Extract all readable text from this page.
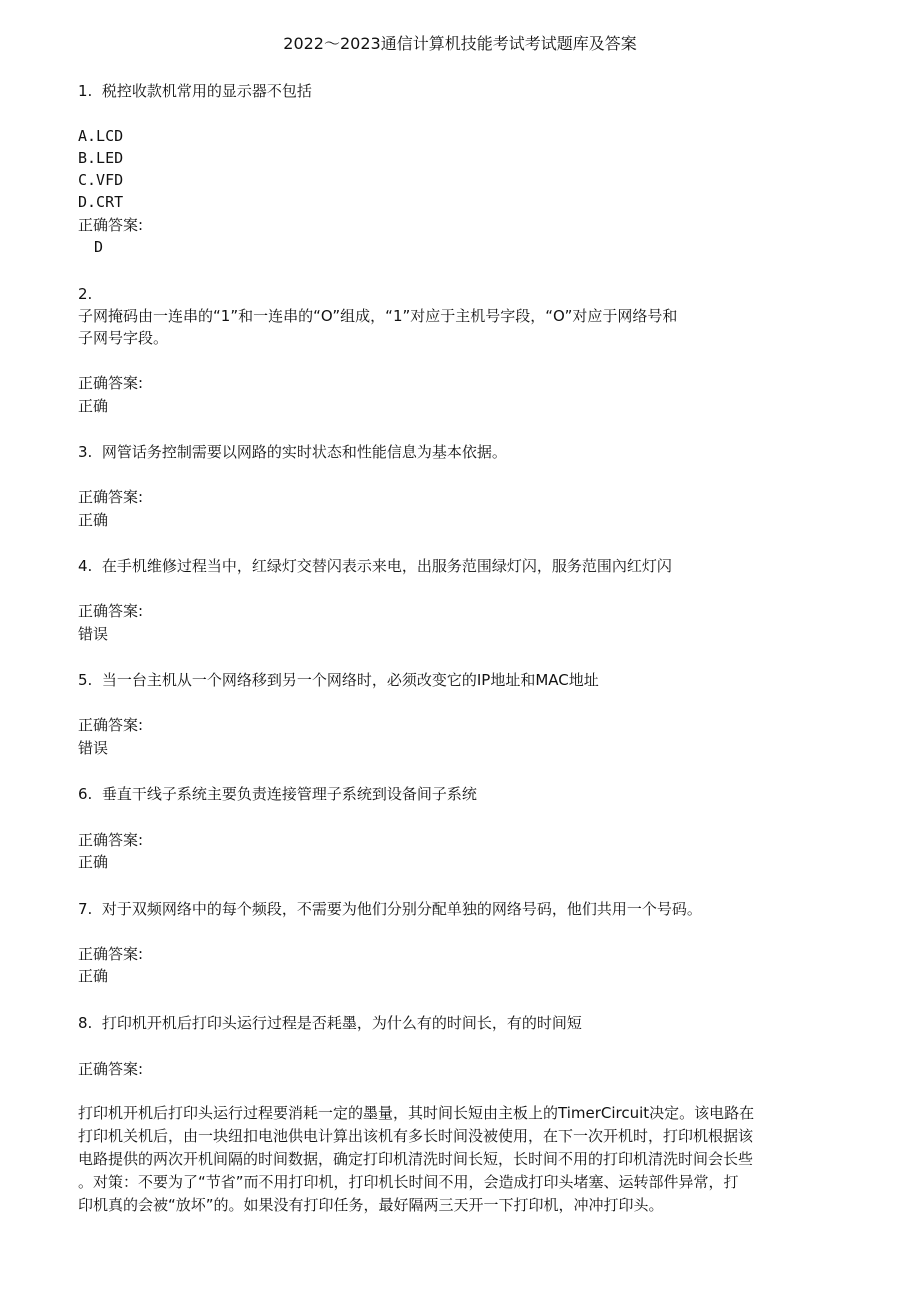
2022～2023通信计算机技能考试考试题库及答案
1. 税控收款机常用的显示器不包括
A.LCD
B.LED
C.VFD
D.CRT
正确答案:
D
2.
子网掩码由一连串的“1”和一连串的“O”组成，“1”对应于主机号字段，“O”对应于网络号和
子网号字段。
正确答案:
正确
3. 网管话务控制需要以网路的实时状态和性能信息为基本依据。
正确答案:
正确
4. 在手机维修过程当中，红绿灯交替闪表示来电，出服务范围绿灯闪，服务范围內红灯闪
正确答案:
错误
5. 当一台主机从一个网络移到另一个网络时，必须改变它的IP地址和MAC地址
正确答案:
错误
6. 垂直干线子系统主要负责连接管理子系统到设备间子系统
正确答案:
正确
7. 对于双频网络中的每个频段，不需要为他们分别分配单独的网络号码，他们共用一个号码。
正确答案:
正确
8. 打印机开机后打印头运行过程是否耗墨，为什么有的时间长，有的时间短
正确答案:
打印机开机后打印头运行过程要消耗一定的墨量，其时间长短由主板上的TimerCircuit决定。该电路在
打印机关机后，由一块纽扣电池供电计算出该机有多长时间没被使用，在下一次开机时，打印机根据该
电路提供的两次开机间隔的时间数据，确定打印机清洗时间长短，长时间不用的打印机清洗时间会长些
。对策：不要为了“节省”而不用打印机，打印机长时间不用，会造成打印头堵塞、运转部件异常，打
印机真的会被“放坏”的。如果没有打印任务，最好隔两三天开一下打印机，冲冲打印头。
